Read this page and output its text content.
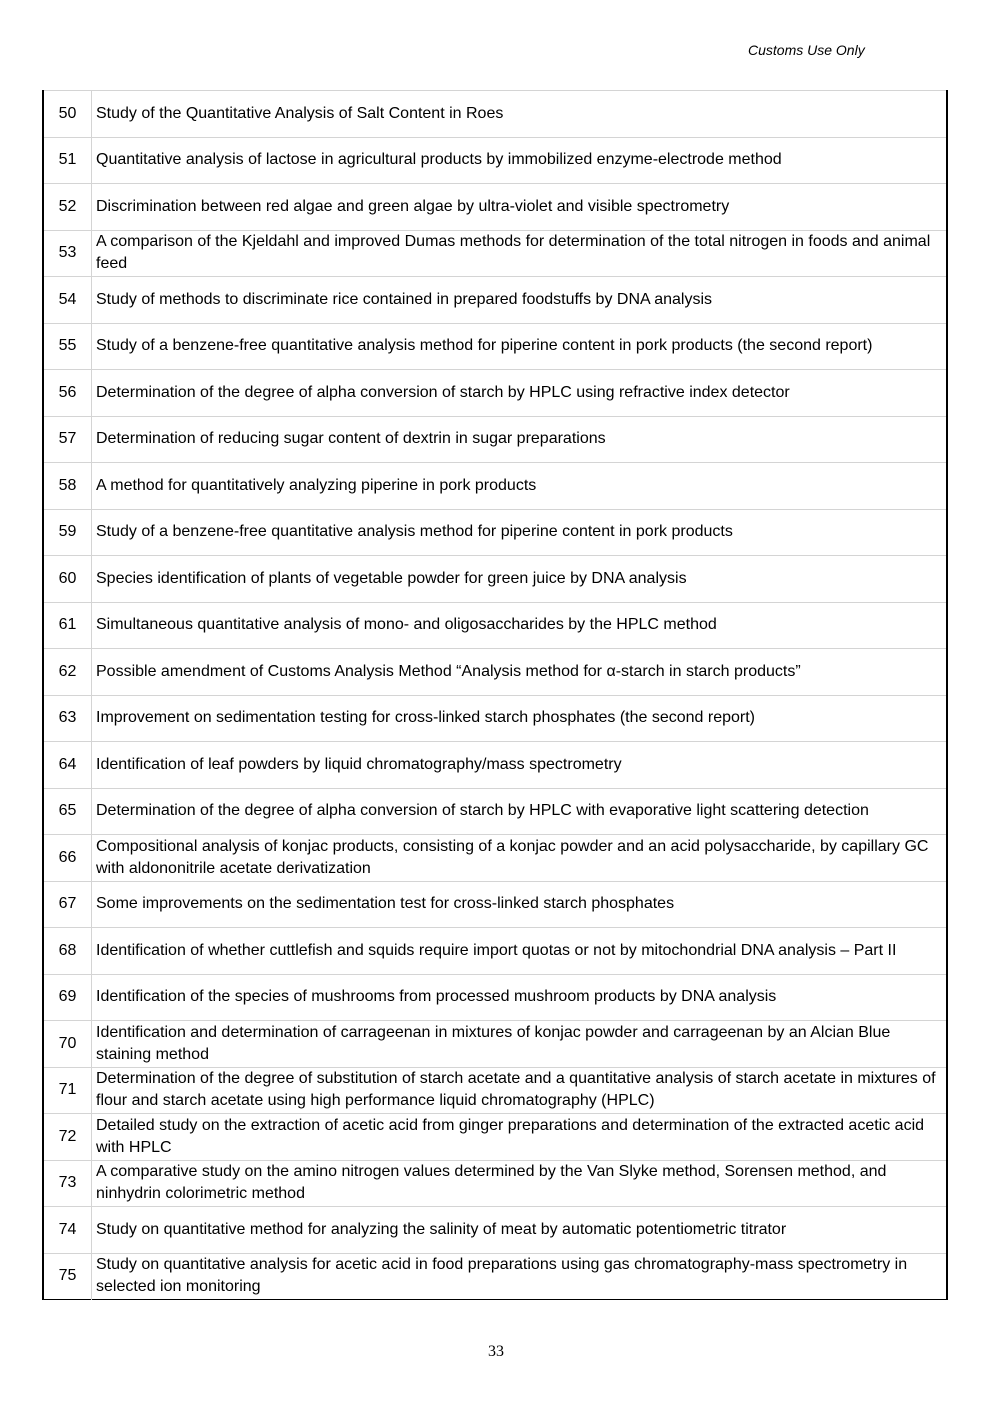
Customs Use Only
50	Study of the Quantitative Analysis of Salt Content in Roes
51	Quantitative analysis of lactose in agricultural products by immobilized enzyme-electrode method
52	Discrimination between red algae and green algae by ultra-violet and visible spectrometry
53	A comparison of the Kjeldahl and improved Dumas methods for determination of the total nitrogen in foods and animal feed
54	Study of methods to discriminate rice contained in prepared foodstuffs by DNA analysis
55	Study of a benzene-free quantitative analysis method for piperine content in pork products (the second report)
56	Determination of the degree of alpha conversion of starch by HPLC using refractive index detector
57	Determination of reducing sugar content of dextrin in sugar preparations
58	A method for quantitatively analyzing piperine in pork products
59	Study of a benzene-free quantitative analysis method for piperine content in pork products
60	Species identification of plants of vegetable powder for green juice by DNA analysis
61	Simultaneous quantitative analysis of mono- and oligosaccharides by the HPLC method
62	Possible amendment of Customs Analysis Method “Analysis method for α-starch in starch products”
63	Improvement on sedimentation testing for cross-linked starch phosphates (the second report)
64	Identification of leaf powders by liquid chromatography/mass spectrometry
65	Determination of the degree of alpha conversion of starch by HPLC with evaporative light scattering detection
66	Compositional analysis of konjac products, consisting of a konjac powder and an acid polysaccharide, by capillary GC with aldononitrile acetate derivatization
67	Some improvements on the sedimentation test for cross-linked starch phosphates
68	Identification of whether cuttlefish and squids require import quotas or not by mitochondrial DNA analysis – Part II
69	Identification of the species of mushrooms from processed mushroom products by DNA analysis
70	Identification and determination of carrageenan in mixtures of konjac powder and carrageenan by an Alcian Blue staining method
71	Determination of the degree of substitution of starch acetate and a quantitative analysis of starch acetate in mixtures of flour and starch acetate using high performance liquid chromatography (HPLC)
72	Detailed study on the extraction of acetic acid from ginger preparations and determination of the extracted acetic acid with HPLC
73	A comparative study on the amino nitrogen values determined by the Van Slyke method, Sorensen method, and ninhydrin colorimetric method
74	Study on quantitative method for analyzing the salinity of meat by automatic potentiometric titrator
75	Study on quantitative analysis for acetic acid in food preparations using gas chromatography-mass spectrometry in selected ion monitoring
33
